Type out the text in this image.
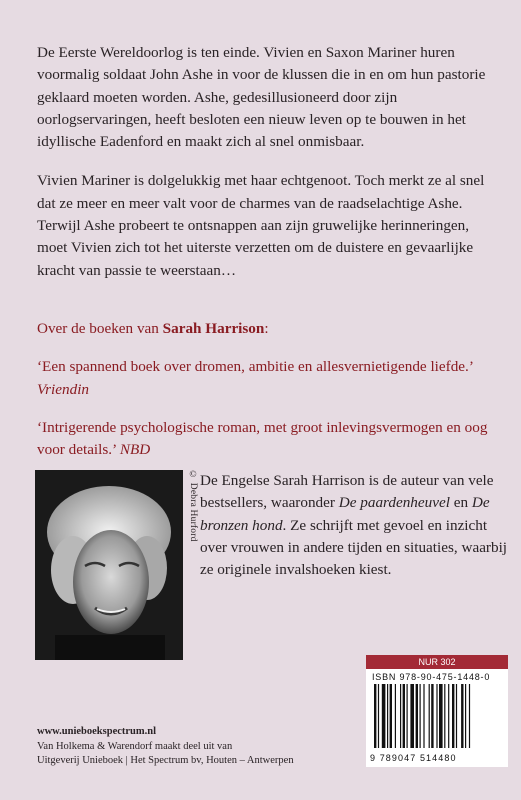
De Eerste Wereldoorlog is ten einde. Vivien en Saxon Mariner huren voormalig soldaat John Ashe in voor de klussen die in en om hun pastorie geklaard moeten worden. Ashe, gedesillusioneerd door zijn oorlogservaringen, heeft besloten een nieuw leven op te bouwen in het idyllische Eadenford en maakt zich al snel onmisbaar.

Vivien Mariner is dolgelukkig met haar echtgenoot. Toch merkt ze al snel dat ze meer en meer valt voor de charmes van de raadselachtige Ashe. Terwijl Ashe probeert te ontsnappen aan zijn gruwelijke herinneringen, moet Vivien zich tot het uiterste verzetten om de duistere en gevaarlijke kracht van passie te weerstaan…

Over de boeken van Sarah Harrison:

‘Een spannend boek over dromen, ambitie en allesvernietigende liefde.’
Vriendin

‘Intrigerende psychologische roman, met groot inlevingsvermogen en oog voor details.’ NBD

© Debra Hurford De Engelse Sarah Harrison is de auteur van vele bestsellers, waaronder De paardenheuvel en De bronzen hond. Ze schrijft met gevoel en inzicht over vrouwen in andere tijden en situaties, waarbij ze originele invalshoeken kiest.
NUR 302
ISBN 978-90-475-1448-0
9 789047 514480
www.unieboekspectrum.nl
Van Holkema & Warendorf maakt deel uit van
Uitgeverij Unieboek | Het Spectrum bv, Houten – Antwerpen
